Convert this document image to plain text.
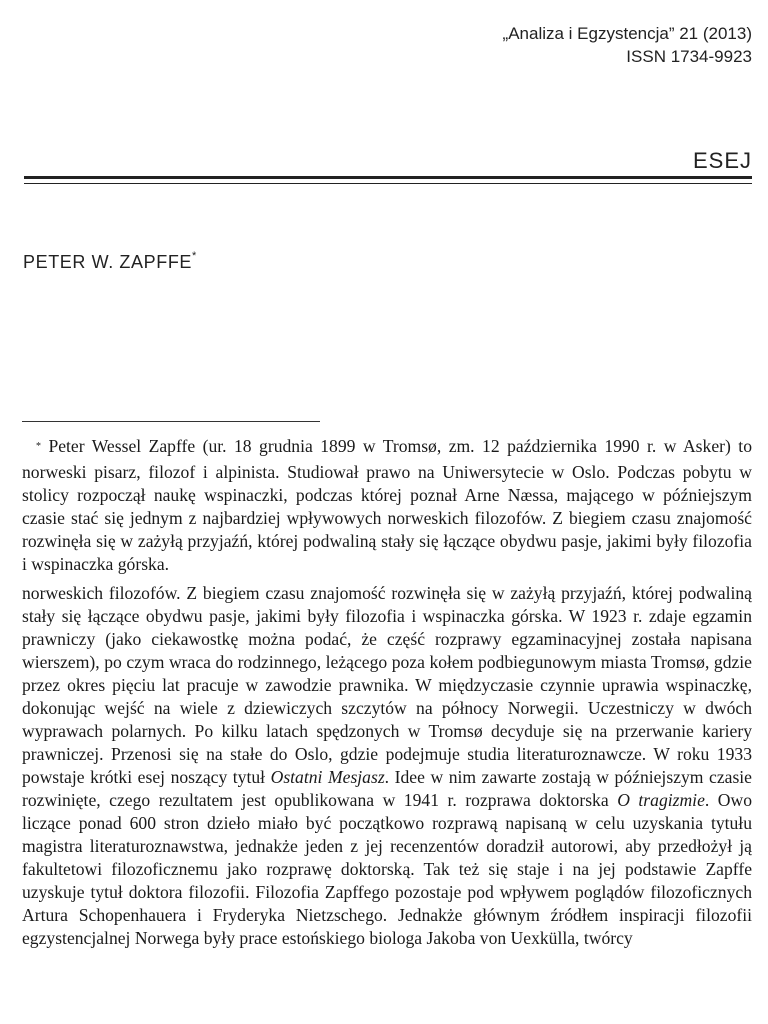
„Analiza i Egzystencja” 21 (2013)
ISSN 1734-9923
ESEJ
PETER W. ZAPFFE*

* Peter Wessel Zapffe (ur. 18 grudnia 1899 w Tromsø, zm. 12 października 1990 r. w Asker) to norweski pisarz, filozof i alpinista. Studiował prawo na Uniwersytecie w Oslo. Podczas pobytu w stolicy rozpoczął naukę wspinaczki, podczas której poznał Arne Næssa, mającego w późniejszym czasie stać się jednym z najbardziej wpływowych norweskich filozofów. Z biegiem czasu znajomość rozwinęła się w zażyłą przyjaźń, której podwaliną stały się łączące obydwu pasje, jakimi były filozofia i wspinaczka górska.

norweskich filozofów. Z biegiem czasu znajomość rozwinęła się w zażyłą przyjaźń, której podwaliną stały się łączące obydwu pasje, jakimi były filozofia i wspinaczka górska. W 1923 r. zdaje egzamin prawniczy (jako ciekawostkę można podać, że część rozprawy egzaminacyjnej została napisana wierszem), po czym wraca do rodzinnego, leżącego poza kołem podbiegunowym miasta Tromsø, gdzie przez okres pięciu lat pracuje w zawodzie prawnika. W międzyczasie czynnie uprawia wspinaczkę, dokonując wejść na wiele z dziewiczych szczytów na północy Norwegii. Uczestniczy w dwóch wyprawach polarnych. Po kilku latach spędzonych w Tromsø decyduje się na przerwanie kariery prawniczej. Przenosi się na stałe do Oslo, gdzie podejmuje studia literaturoznawcze. W roku 1933 powstaje krótki esej noszący tytuł Ostatni Mesjasz. Idee w nim zawarte zostają w późniejszym czasie rozwinięte, czego rezultatem jest opublikowana w 1941 r. rozprawa doktorska O tragizmie. Owo liczące ponad 600 stron dzieło miało być początkowo rozprawą napisaną w celu uzyskania tytułu magistra literaturoznawstwa, jednakże jeden z jej recenzentów doradził autorowi, aby przedłożył ją fakultetowi filozoficznemu jako rozprawę doktorską. Tak też się staje i na jej podstawie Zapffe uzyskuje tytuł doktora filozofii. Filozofia Zapffego pozostaje pod wpływem poglądów filozoficznych Artura Schopenhauera i Fryderyka Nietzschego. Jednakże głównym źródłem inspiracji filozofii egzystencjalnej Norwega były prace estońskiego biologa Jakoba von Uexkülla, twórcy
